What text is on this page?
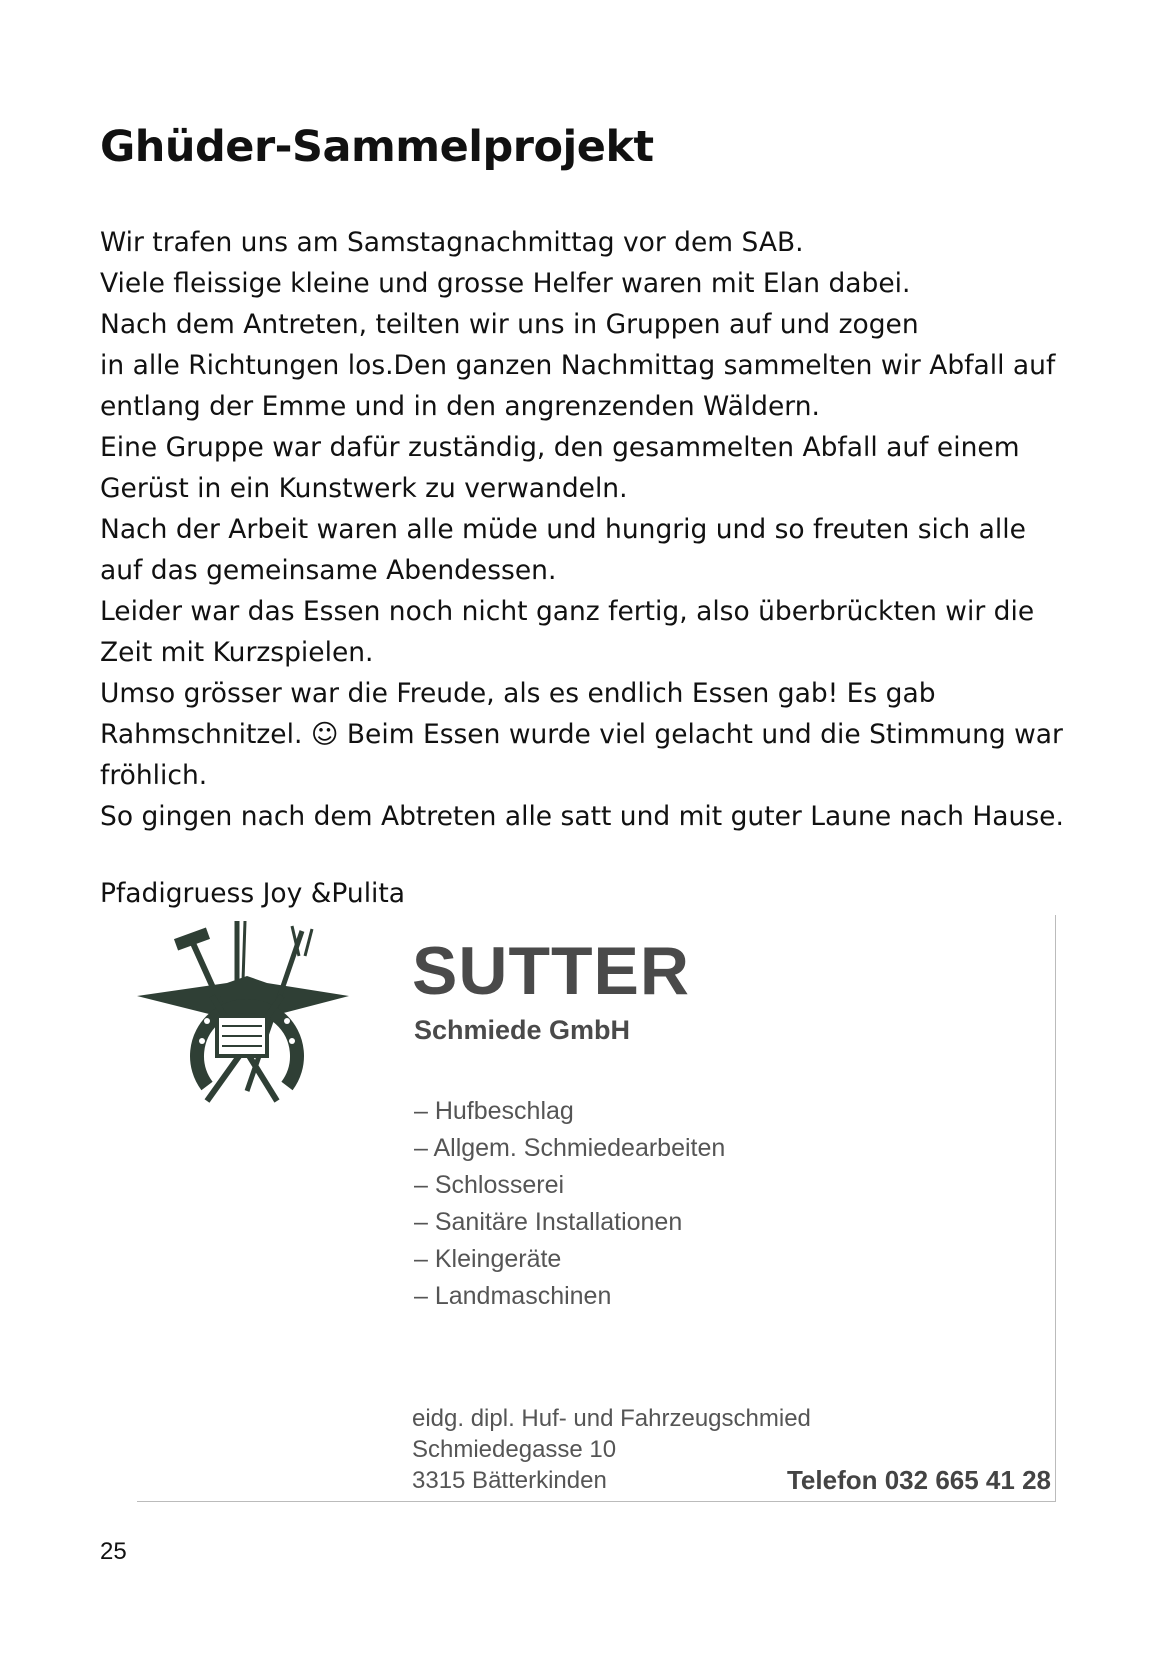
Ghüder-Sammelprojekt
Wir trafen uns am Samstagnachmittag vor dem SAB.
Viele fleissige kleine und grosse Helfer waren mit Elan dabei.
Nach dem Antreten, teilten wir uns in Gruppen auf und zogen
in alle Richtungen los.Den ganzen Nachmittag sammelten wir Abfall auf
entlang der Emme und in den angrenzenden Wäldern.
Eine Gruppe war dafür zuständig, den gesammelten Abfall auf einem
Gerüst in ein Kunstwerk zu verwandeln.
Nach der Arbeit waren alle müde und hungrig und so freuten sich alle
auf das gemeinsame Abendessen.
Leider war das Essen noch nicht ganz fertig, also überbrückten wir die
Zeit mit Kurzspielen.
Umso grösser war die Freude, als es endlich Essen gab! Es gab
Rahmschnitzel. ☺ Beim Essen wurde viel gelacht und die Stimmung war
fröhlich.
So gingen nach dem Abtreten alle satt und mit guter Laune nach Hause.
Pfadigruess Joy &Pulita
SUTTER
Schmiede GmbH
– Hufbeschlag
– Allgem. Schmiedearbeiten
– Schlosserei
– Sanitäre Installationen
– Kleingeräte
– Landmaschinen
eidg. dipl. Huf- und Fahrzeugschmied
Schmiedegasse 10
3315 Bätterkinden	Telefon 032 665 41 28
25
